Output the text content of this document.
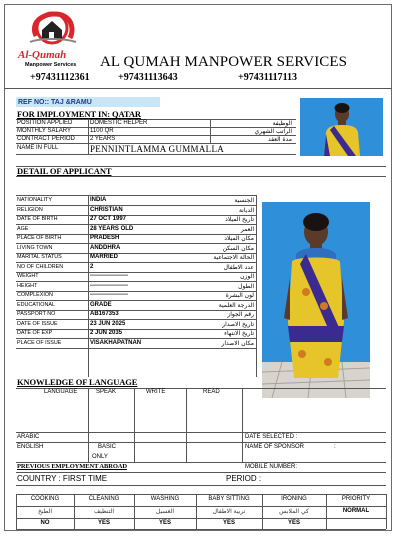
Al-Qumah
Manpower Services AL QUMAH MANPOWER SERVICES
+97431112361	+97431113643	+97431117113
REF NO:: TAJ &RAMU
FOR IMPLOYMENT IN: QATAR
POSITION APPLIED	DOMESTIC HELPER	الوظيفة
MONTHLY SALARY	1100 QR	الراتب الشهري
CONTRACT PERIOD	2 YEARS	مدة العقد
NAME IN FULL	PENNINTLAMMA GUMMALLA
DETAIL OF APPLICANT
NATIONALITY	INDIA	الجنسية
RELIGION	CHRISTIAN	الديانة
DATE OF BIRTH	27 OCT 1997	تاريخ الميلاد
AGE	28 YEARS OLD	العمر
PLACE OF BIRTH	PRADESH	مكان الميلاد
LIVING TOWN	ANDDHRA	مكان السكن
MARITAL STATUS	MARRIED	الحالة الاجتماعية
NO OF CHILDREN	2	عدد الاطفال
WEIGHT	-------------------	الوزن
HEIGHT	-------------------	الطول
COMPLEXION	-------------------	لون البشرة
EDUCATIONAL	GRADE	الدرجة العلمية
PASSPORT NO	AB167353	رقم الجواز
DATE OF ISSUE	23 JUN 2025	تاريخ الاصدار
DATE OF EXP	2 JUN 2035	تاريخ الانتهاء
PLACE OF ISSUE	VISAKHAPATNAN	مكان الاصدار
KNOWLEDGE OF LANGUAGE
LANGUAGE	SPEAK	WRITE	READ
ARABIC
ENGLISH	BASIC
ONLY
DATE SELECTED :
NAME OF SPONSOR	:
MOBILE NUMBER:
PREVIOUS EMPLOYMENT ABROAD
COUNTRY : FIRST TIME	PERIOD :
COOKING	CLEANING	WASHING	BABY SITTING	IRONING	PRIORITY
الطبخ	التنظيف	الغسيل	تربية الاطفال	كي الملابس	NORMAL
NO	YES	YES	YES	YES
